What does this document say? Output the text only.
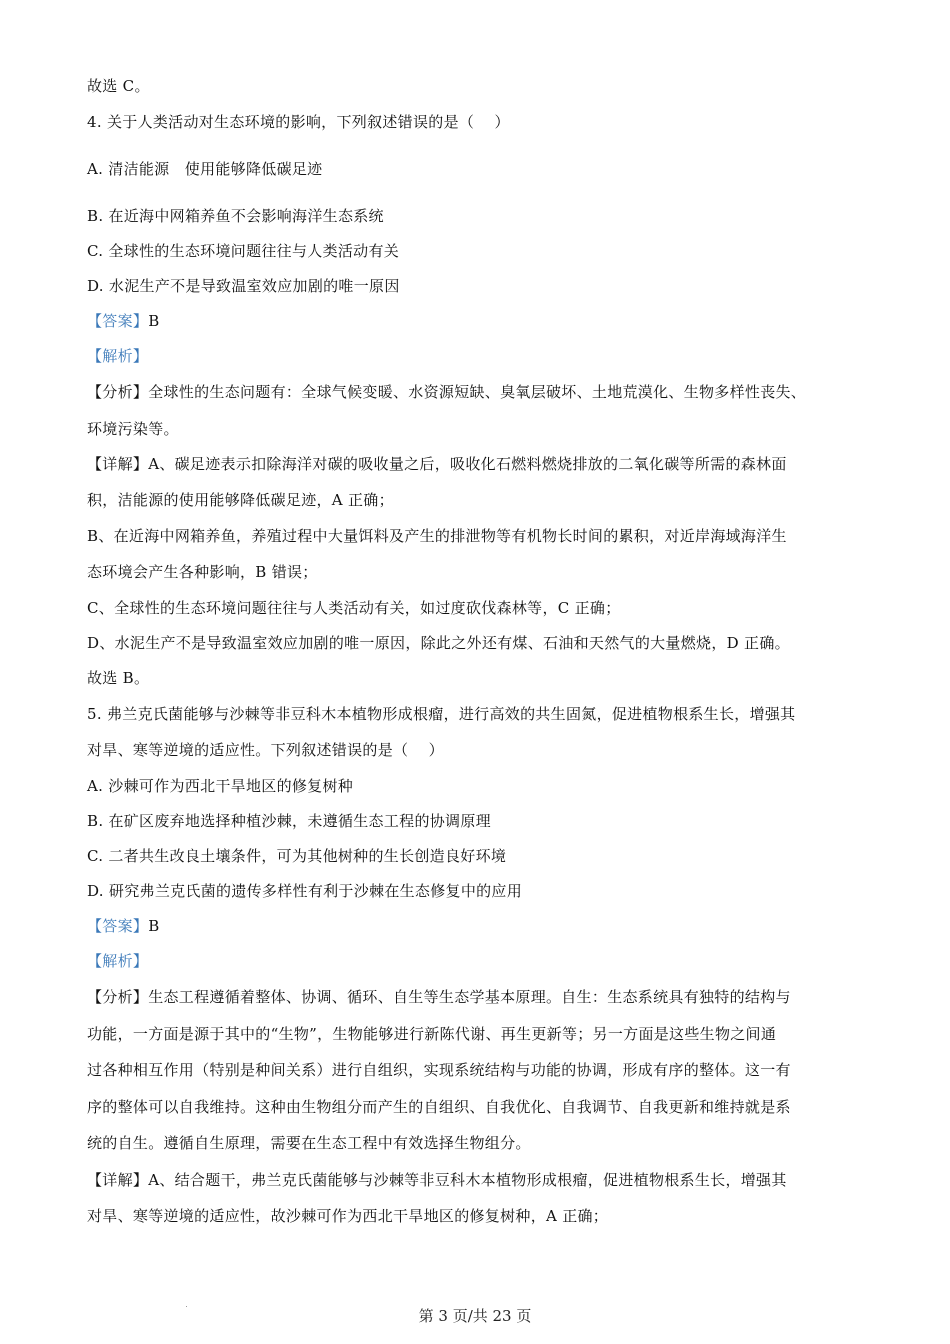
故选 C。
4. 关于人类活动对生态环境的影响，下列叙述错误的是（　 ）
A. 清洁能源　使用能够降低碳足迹
B. 在近海中网箱养鱼不会影响海洋生态系统
C. 全球性的生态环境问题往往与人类活动有关
D. 水泥生产不是导致温室效应加剧的唯一原因
【答案】B
【解析】
【分析】全球性的生态问题有：全球气候变暖、水资源短缺、臭氧层破坏、土地荒漠化、生物多样性丧失、
环境污染等。
【详解】A、碳足迹表示扣除海洋对碳的吸收量之后，吸收化石燃料燃烧排放的二氧化碳等所需的森林面
积，洁能源的使用能够降低碳足迹，A 正确；
B、在近海中网箱养鱼，养殖过程中大量饵料及产生的排泄物等有机物长时间的累积，对近岸海域海洋生
态环境会产生各种影响，B 错误；
C、全球性的生态环境问题往往与人类活动有关，如过度砍伐森林等，C 正确；
D、水泥生产不是导致温室效应加剧的唯一原因，除此之外还有煤、石油和天然气的大量燃烧，D 正确。
故选 B。
5. 弗兰克氏菌能够与沙棘等非豆科木本植物形成根瘤，进行高效的共生固氮，促进植物根系生长，增强其
对旱、寒等逆境的适应性。下列叙述错误的是（　 ）
A. 沙棘可作为西北干旱地区的修复树种
B. 在矿区废弃地选择种植沙棘，未遵循生态工程的协调原理
C. 二者共生改良土壤条件，可为其他树种的生长创造良好环境
D. 研究弗兰克氏菌的遗传多样性有利于沙棘在生态修复中的应用
【答案】B
【解析】
【分析】生态工程遵循着整体、协调、循环、自生等生态学基本原理。自生：生态系统具有独特的结构与
功能，一方面是源于其中的“生物”，生物能够进行新陈代谢、再生更新等；另一方面是这些生物之间通
过各种相互作用（特别是种间关系）进行自组织，实现系统结构与功能的协调，形成有序的整体。这一有
序的整体可以自我维持。这种由生物组分而产生的自组织、自我优化、自我调节、自我更新和维持就是系
统的自生。遵循自生原理，需要在生态工程中有效选择生物组分。
【详解】A、结合题干，弗兰克氏菌能够与沙棘等非豆科木本植物形成根瘤，促进植物根系生长，增强其
对旱、寒等逆境的适应性，故沙棘可作为西北干旱地区的修复树种，A 正确；
第 3 页/共 23 页
